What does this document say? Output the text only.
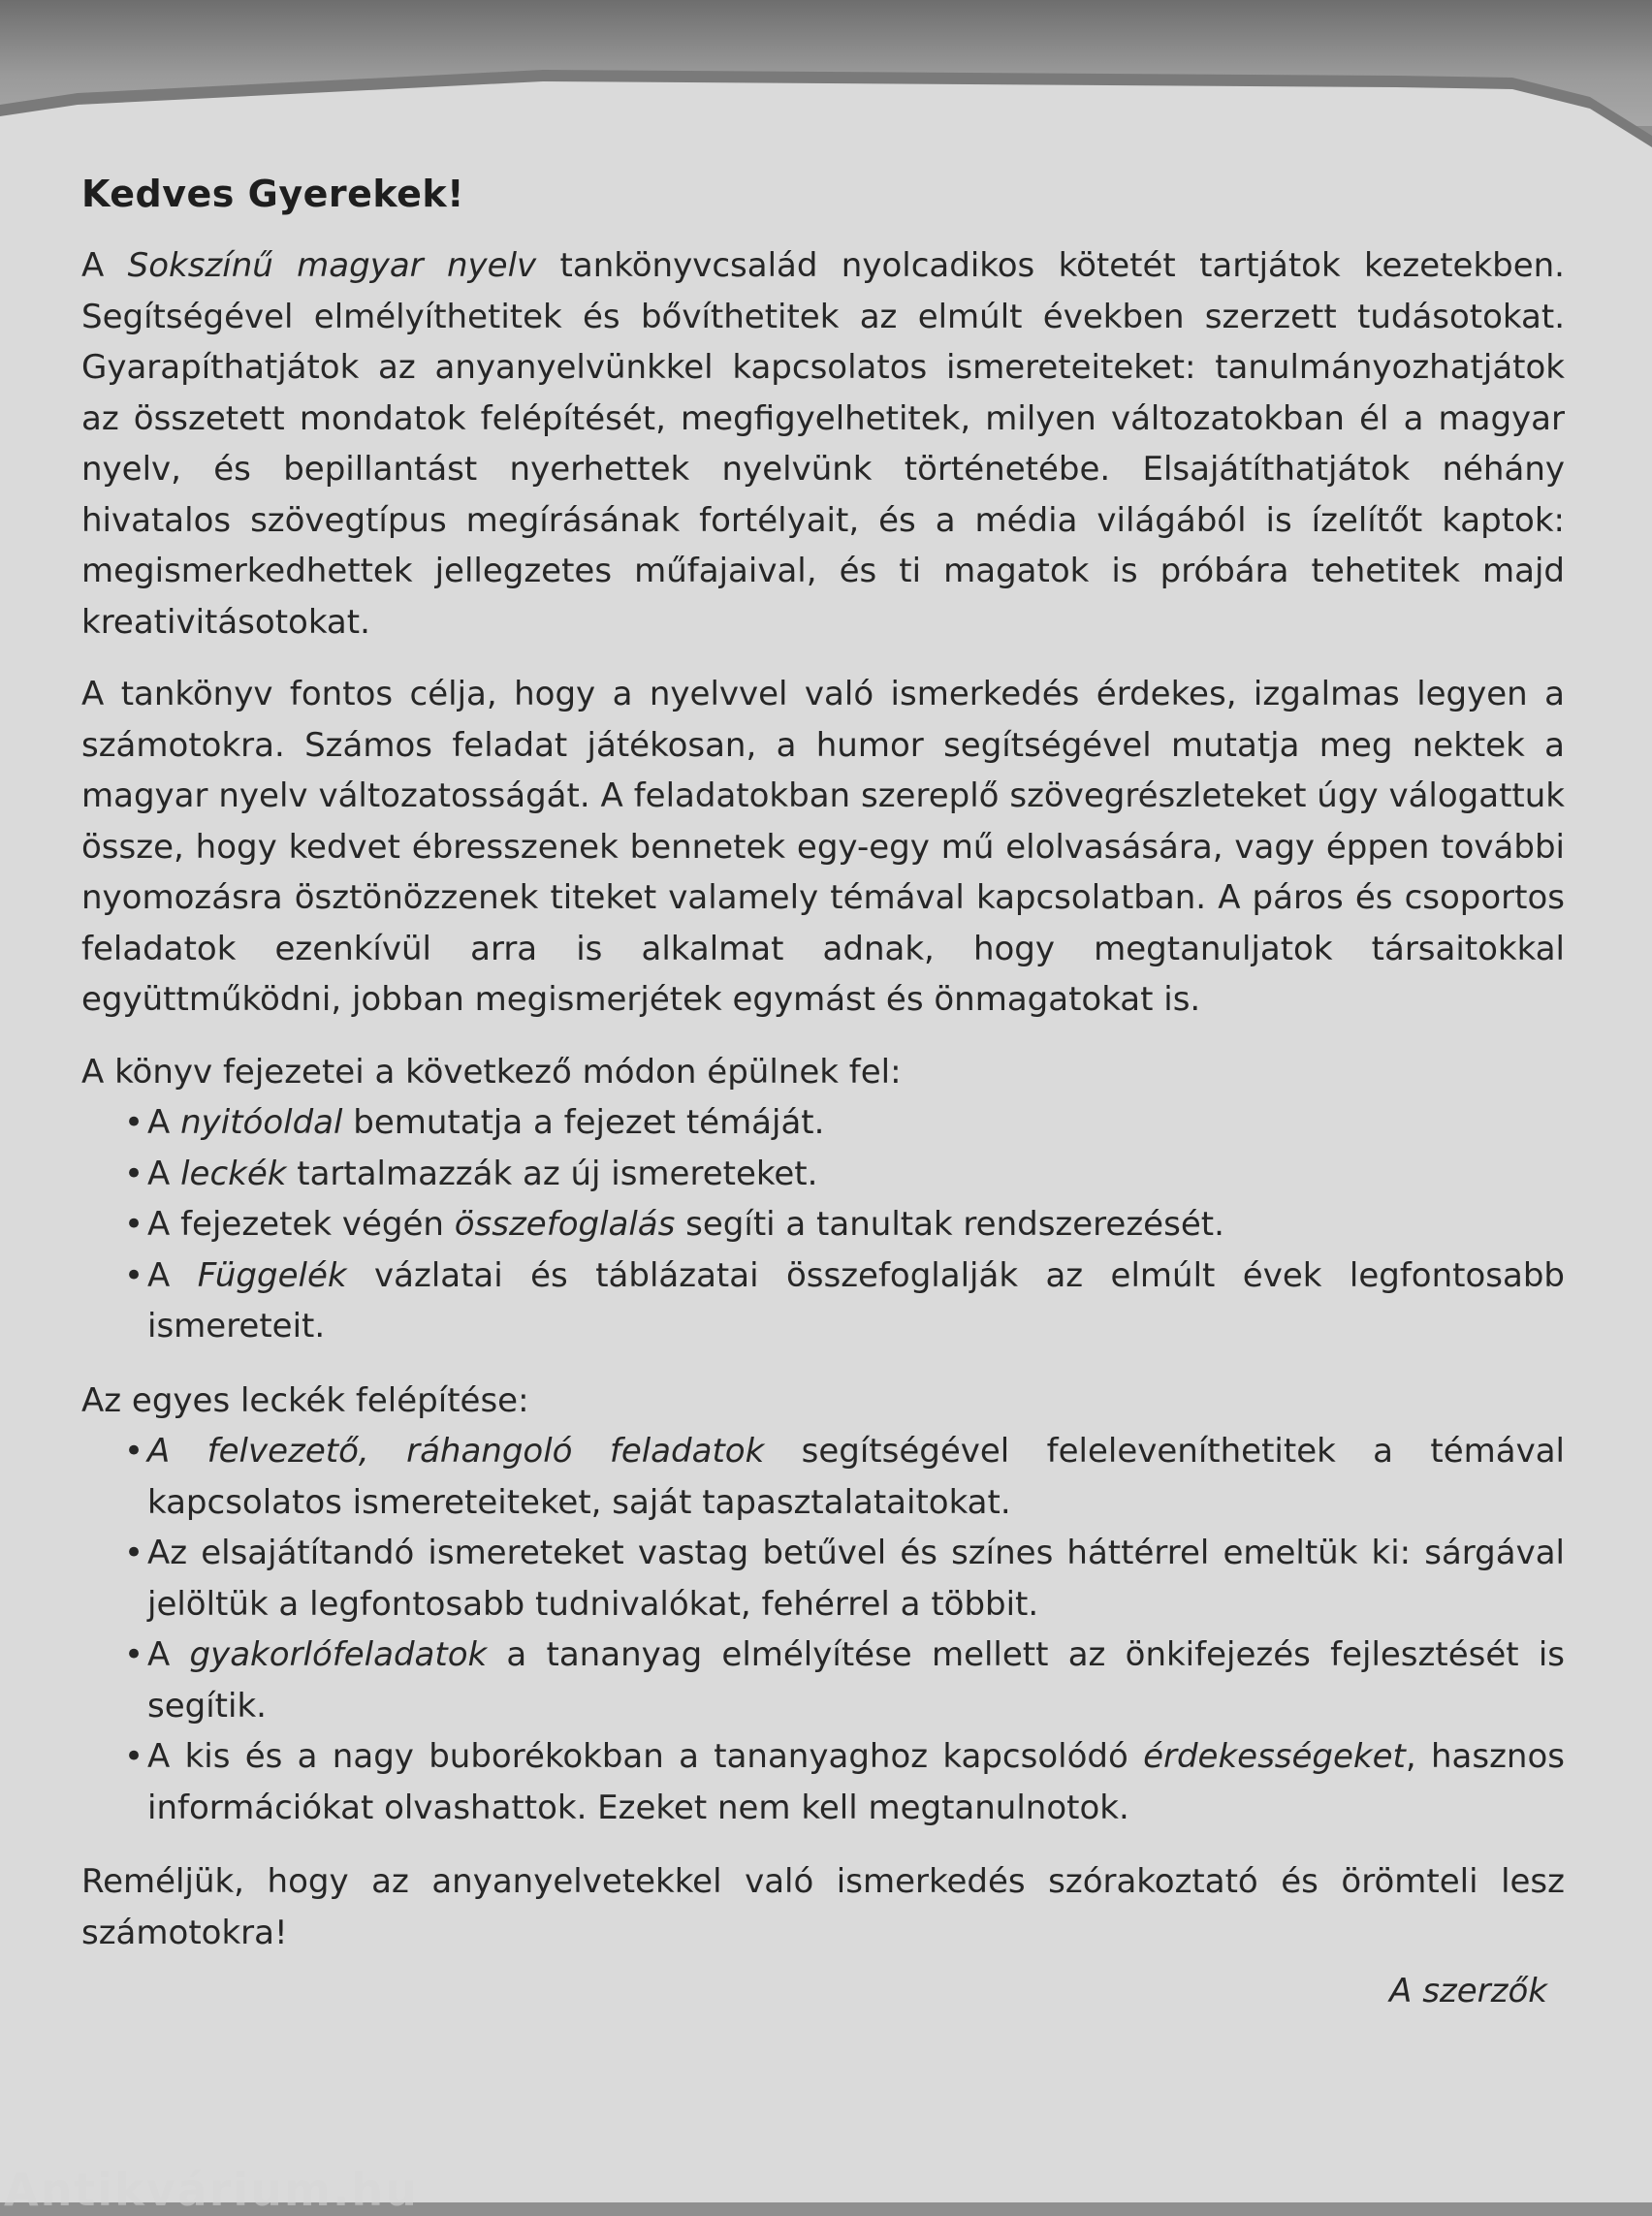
Kedves Gyerekek!

A Sokszínű magyar nyelv tankönyvcsalád nyolcadikos kötetét tartjátok kezetekben. Segítségével elmélyíthetitek és bővíthetitek az elmúlt években szerzett tudásotokat. Gyarapíthatjátok az anyanyelvünkkel kapcsolatos ismereteiteket: tanulmányozhatjátok az összetett mondatok felépítését, megfigyelhetitek, milyen változatokban él a magyar nyelv, és bepillantást nyerhettek nyelvünk történetébe. Elsajátíthatjátok néhány hivatalos szövegtípus megírásának fortélyait, és a média világából is ízelítőt kaptok: megismerkedhettek jellegzetes műfajaival, és ti magatok is próbára tehetitek majd kreativitásotokat.

A tankönyv fontos célja, hogy a nyelvvel való ismerkedés érdekes, izgalmas legyen a számotokra. Számos feladat játékosan, a humor segítségével mutatja meg nektek a magyar nyelv változatosságát. A feladatokban szereplő szövegrészleteket úgy válogattuk össze, hogy kedvet ébresszenek bennetek egy-egy mű elolvasására, vagy éppen további nyomozásra ösztönözzenek titeket valamely témával kapcsolatban. A páros és csoportos feladatok ezenkívül arra is alkalmat adnak, hogy megtanuljatok társaitokkal együttműködni, jobban megismerjétek egymást és önmagatokat is.

A könyv fejezetei a következő módon épülnek fel:

• A nyitóoldal bemutatja a fejezet témáját.
• A leckék tartalmazzák az új ismereteket.
• A fejezetek végén összefoglalás segíti a tanultak rendszerezését.
• A Függelék vázlatai és táblázatai összefoglalják az elmúlt évek legfontosabb ismereteit.

Az egyes leckék felépítése:

• A felvezető, ráhangoló feladatok segítségével feleleveníthetitek a témával kapcsolatos ismereteiteket, saját tapasztalataitokat.
• Az elsajátítandó ismereteket vastag betűvel és színes háttérrel emeltük ki: sárgával jelöltük a legfontosabb tudnivalókat, fehérrel a többit.
• A gyakorlófeladatok a tananyag elmélyítése mellett az önkifejezés fejlesztését is segítik.
• A kis és a nagy buborékokban a tananyaghoz kapcsolódó érdekességeket, hasznos információkat olvashattok. Ezeket nem kell megtanulnotok.

Reméljük, hogy az anyanyelvetekkel való ismerkedés szórakoztató és örömteli lesz számotokra!

A szerzők
Antikvárium.hu
